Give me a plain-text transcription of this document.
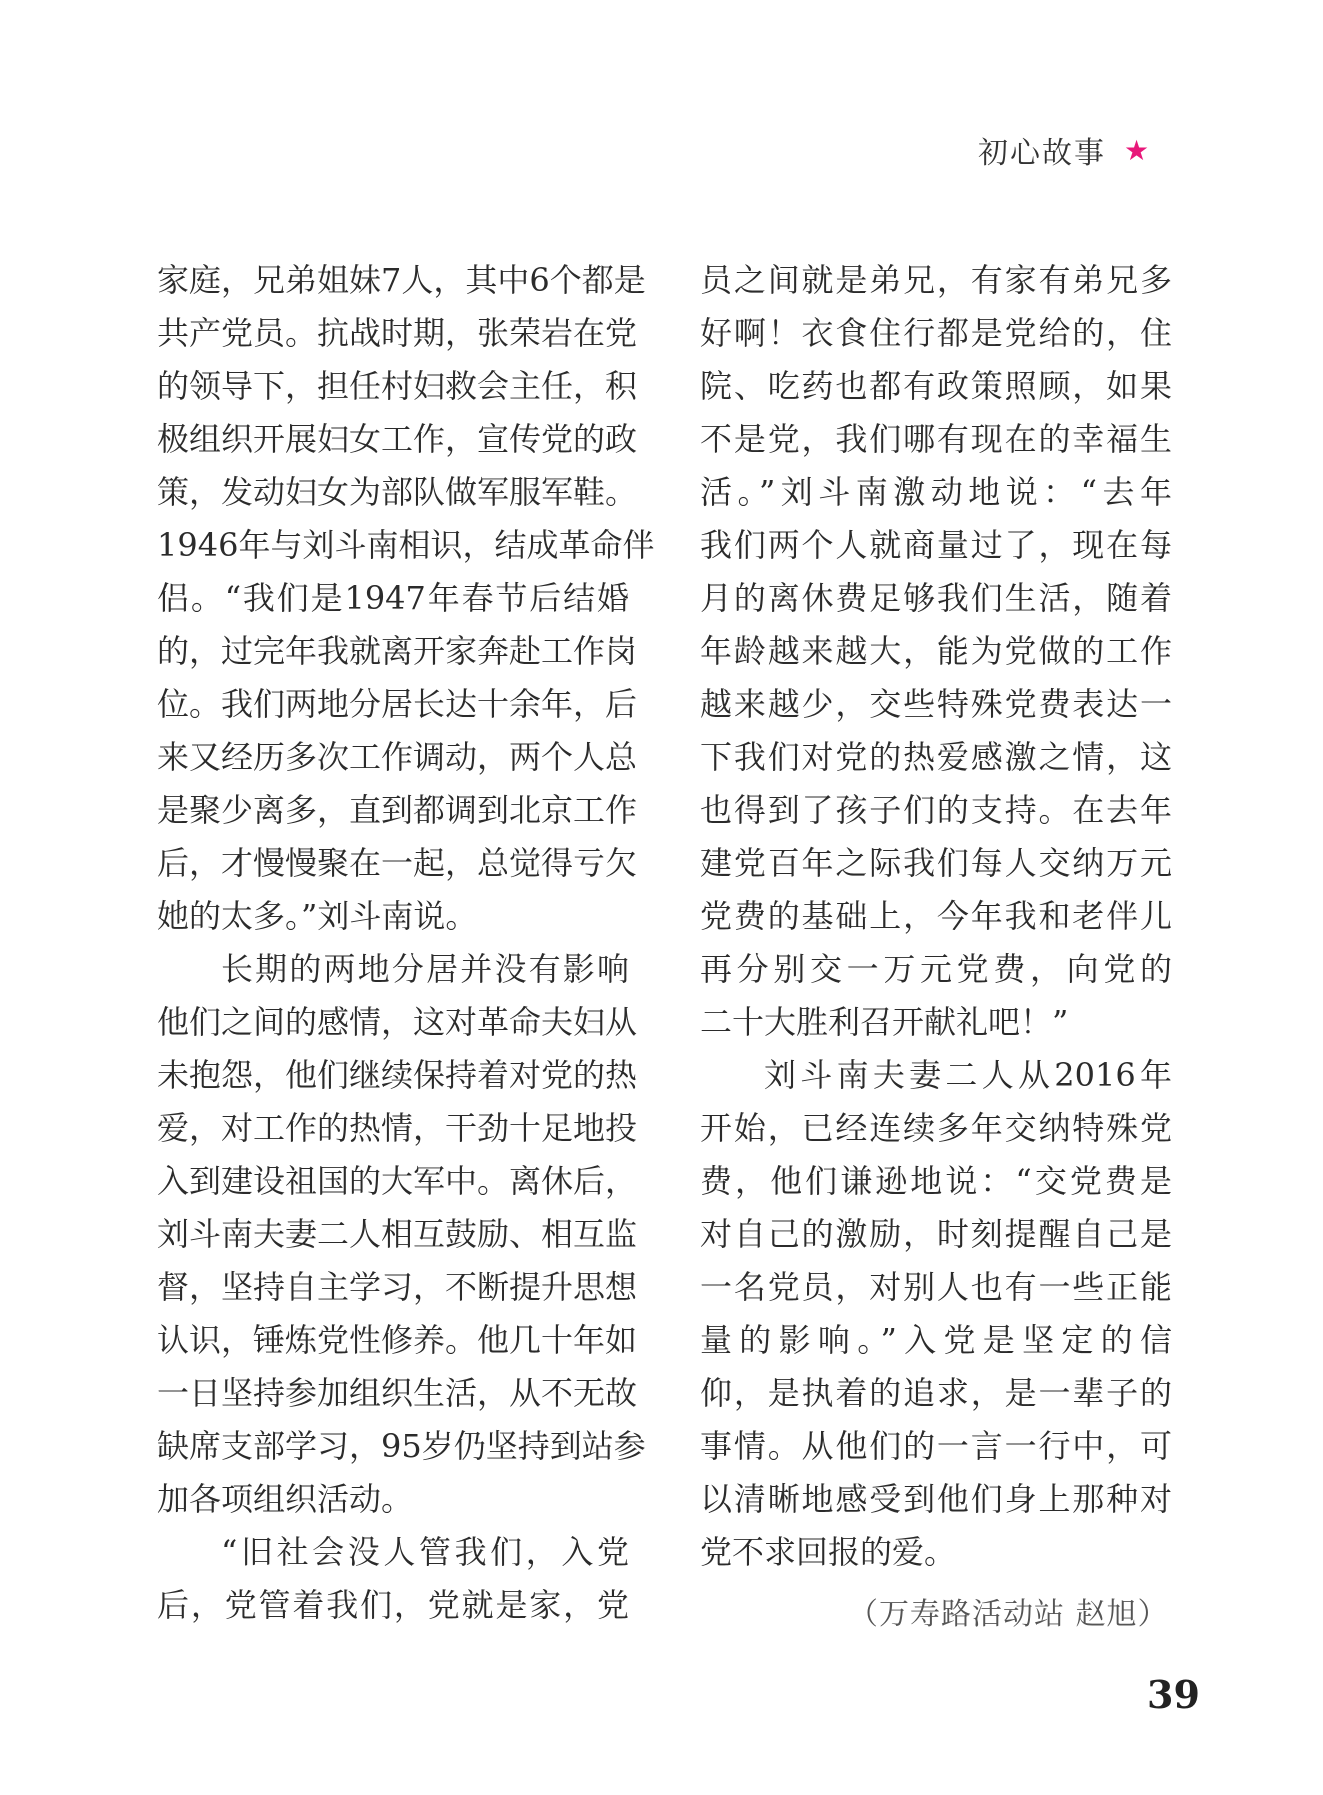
初心故事 ★
家庭，兄弟姐妹7人，其中6个都是
共产党员。抗战时期，张荣岩在党
的领导下，担任村妇救会主任，积
极组织开展妇女工作，宣传党的政
策，发动妇女为部队做军服军鞋。
1946年与刘斗南相识，结成革命伴
侣。“我们是1947年春节后结婚
的，过完年我就离开家奔赴工作岗
位。我们两地分居长达十余年，后
来又经历多次工作调动，两个人总
是聚少离多，直到都调到北京工作
后，才慢慢聚在一起，总觉得亏欠
她的太多。”刘斗南说。
长期的两地分居并没有影响
他们之间的感情，这对革命夫妇从
未抱怨，他们继续保持着对党的热
爱，对工作的热情，干劲十足地投
入到建设祖国的大军中。离休后，
刘斗南夫妻二人相互鼓励、相互监
督，坚持自主学习，不断提升思想
认识，锤炼党性修养。他几十年如
一日坚持参加组织生活，从不无故
缺席支部学习，95岁仍坚持到站参
加各项组织活动。
“旧社会没人管我们，入党
后，党管着我们，党就是家，党
员之间就是弟兄，有家有弟兄多
好啊！衣食住行都是党给的，住
院、吃药也都有政策照顾，如果
不是党，我们哪有现在的幸福生
活。”刘斗南激动地说：“去年
我们两个人就商量过了，现在每
月的离休费足够我们生活，随着
年龄越来越大，能为党做的工作
越来越少，交些特殊党费表达一
下我们对党的热爱感激之情，这
也得到了孩子们的支持。在去年
建党百年之际我们每人交纳万元
党费的基础上，今年我和老伴儿
再分别交一万元党费，向党的
二十大胜利召开献礼吧！”
刘斗南夫妻二人从2016年
开始，已经连续多年交纳特殊党
费，他们谦逊地说：“交党费是
对自己的激励，时刻提醒自己是
一名党员，对别人也有一些正能
量的影响。”入党是坚定的信
仰，是执着的追求，是一辈子的
事情。从他们的一言一行中，可
以清晰地感受到他们身上那种对
党不求回报的爱。
（万寿路活动站 赵旭）
39
